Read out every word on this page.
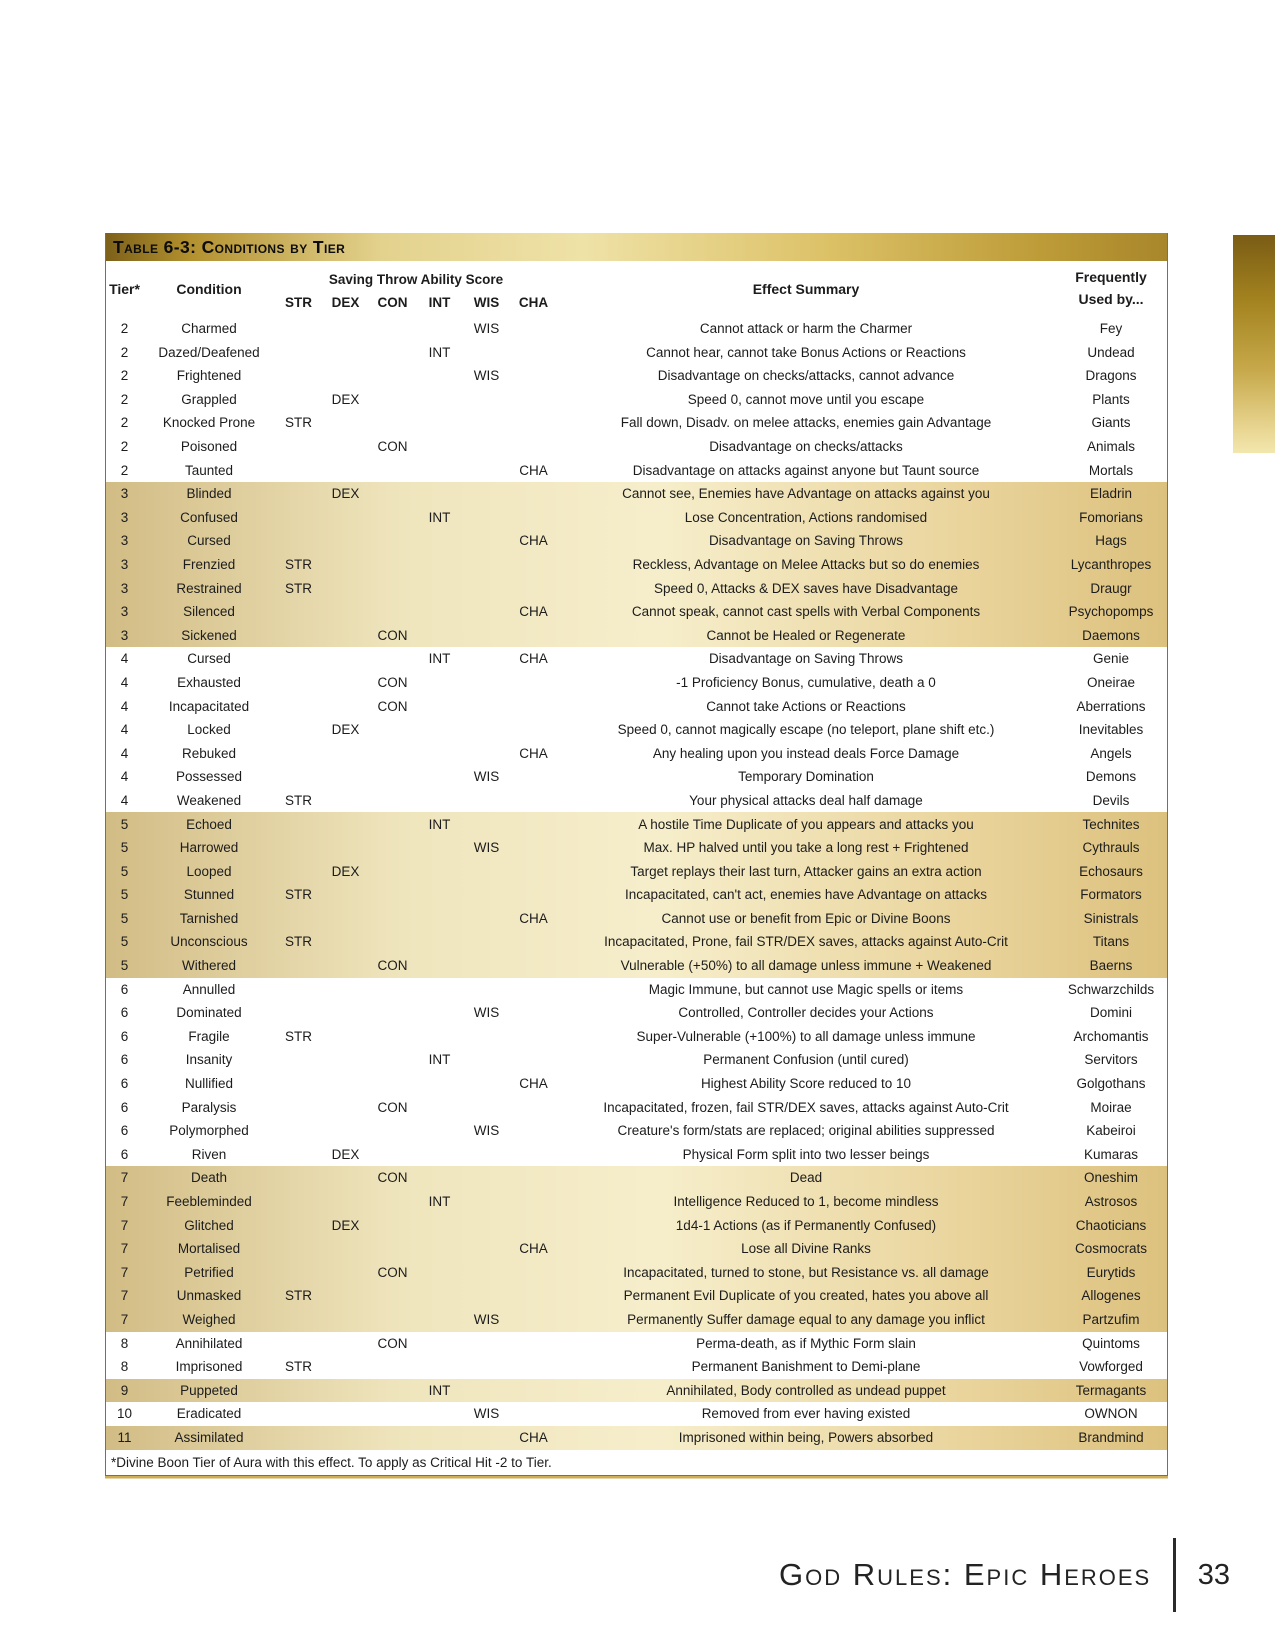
Table 6-3: Conditions by Tier
Tier*	Condition
Saving Throw Ability Score
STR	DEX	CON	INT	WIS	CHA
Effect Summary
Frequently
Used by...
2	Charmed	WIS	Cannot attack or harm the Charmer	Fey
2	Dazed/Deafened	INT	Cannot hear, cannot take Bonus Actions or Reactions	Undead
2	Frightened	WIS	Disadvantage on checks/attacks, cannot advance	Dragons
2	Grappled	DEX	Speed 0, cannot move until you escape	Plants
2	Knocked Prone	STR	Fall down, Disadv. on melee attacks, enemies gain Advantage	Giants
2	Poisoned	CON	Disadvantage on checks/attacks	Animals
2	Taunted	CHA	Disadvantage on attacks against anyone but Taunt source	Mortals
3	Blinded	DEX	Cannot see, Enemies have Advantage on attacks against you	Eladrin
3	Confused	INT	Lose Concentration, Actions randomised	Fomorians
3	Cursed	CHA	Disadvantage on Saving Throws	Hags
3	Frenzied	STR	Reckless, Advantage on Melee Attacks but so do enemies	Lycanthropes
3	Restrained	STR	Speed 0, Attacks & DEX saves have Disadvantage	Draugr
3	Silenced	CHA	Cannot speak, cannot cast spells with Verbal Components	Psychopomps
3	Sickened	CON	Cannot be Healed or Regenerate	Daemons
4	Cursed	INT	CHA	Disadvantage on Saving Throws	Genie
4	Exhausted	CON	-1 Proficiency Bonus, cumulative, death a 0	Oneirae
4	Incapacitated	CON	Cannot take Actions or Reactions	Aberrations
4	Locked	DEX	Speed 0, cannot magically escape (no teleport, plane shift etc.)	Inevitables
4	Rebuked	CHA	Any healing upon you instead deals Force Damage	Angels
4	Possessed	WIS	Temporary Domination	Demons
4	Weakened	STR	Your physical attacks deal half damage	Devils
5	Echoed	INT	A hostile Time Duplicate of you appears and attacks you	Technites
5	Harrowed	WIS	Max. HP halved until you take a long rest + Frightened	Cythrauls
5	Looped	DEX	Target replays their last turn, Attacker gains an extra action	Echosaurs
5	Stunned	STR	Incapacitated, can't act, enemies have Advantage on attacks	Formators
5	Tarnished	CHA	Cannot use or benefit from Epic or Divine Boons	Sinistrals
5	Unconscious	STR	Incapacitated, Prone, fail STR/DEX saves, attacks against Auto-Crit	Titans
5	Withered	CON	Vulnerable (+50%) to all damage unless immune + Weakened	Baerns
6	Annulled	Magic Immune, but cannot use Magic spells or items	Schwarzchilds
6	Dominated	WIS	Controlled, Controller decides your Actions	Domini
6	Fragile	STR	Super-Vulnerable (+100%) to all damage unless immune	Archomantis
6	Insanity	INT	Permanent Confusion (until cured)	Servitors
6	Nullified	CHA	Highest Ability Score reduced to 10	Golgothans
6	Paralysis	CON	Incapacitated, frozen, fail STR/DEX saves, attacks against Auto-Crit	Moirae
6	Polymorphed	WIS	Creature's form/stats are replaced; original abilities suppressed	Kabeiroi
6	Riven	DEX	Physical Form split into two lesser beings	Kumaras
7	Death	CON	Dead	Oneshim
7	Feebleminded	INT	Intelligence Reduced to 1, become mindless	Astrosos
7	Glitched	DEX	1d4-1 Actions (as if Permanently Confused)	Chaoticians
7	Mortalised	CHA	Lose all Divine Ranks	Cosmocrats
7	Petrified	CON	Incapacitated, turned to stone, but Resistance vs. all damage	Eurytids
7	Unmasked	STR	Permanent Evil Duplicate of you created, hates you above all	Allogenes
7	Weighed	WIS	Permanently Suffer damage equal to any damage you inflict	Partzufim
8	Annihilated	CON	Perma-death, as if Mythic Form slain	Quintoms
8	Imprisoned	STR	Permanent Banishment to Demi-plane	Vowforged
9	Puppeted	INT	Annihilated, Body controlled as undead puppet	Termagants
10	Eradicated	WIS	Removed from ever having existed	OWNON
11	Assimilated	CHA	Imprisoned within being, Powers absorbed	Brandmind
*Divine Boon Tier of Aura with this effect. To apply as Critical Hit -2 to Tier.
God Rules: Epic Heroes 33
